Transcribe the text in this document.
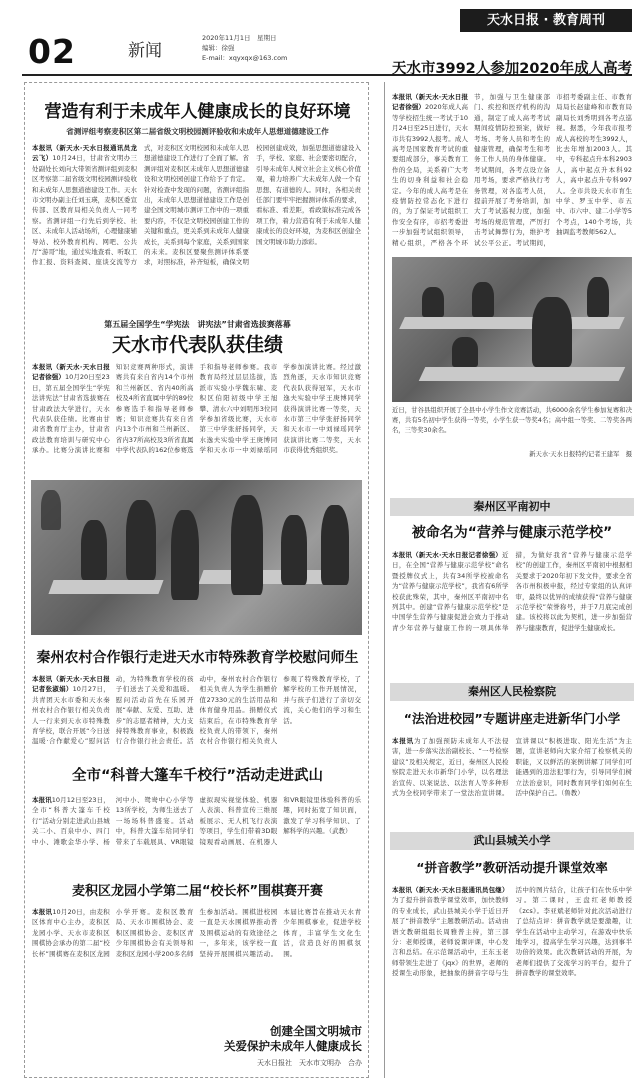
02	新闻
2020年11月1日　星期日
编辑：徐强
E-mail：xqyxqx@163.com
天水日报 · 教育周刊
营造有利于未成年人健康成长的良好环境
省测评组考察麦积区第二届省级文明校园测评验收和未成年人思想道德建设工作
本报讯（新天水·天水日报通讯员龙云飞）10月24日，甘肃省文明办三处副处长刘向大带领省测评组到麦积区考察第二届省级文明校园测评验收和未成年人思想道德建设工作。天水市文明办副主任刘玉瑛，麦积区委宣传部、区教育局相关负责人一同考察。省测评组一行先后到学校、社区、未成年人活动场所，心理健康辅导站、校外教育机构、网吧、公共厅“游哥”地，通过实地查看、听取工作汇报、资料查阅、座谈交流等方式，对麦积区文明校园和未成年人思想道德建设工作进行了全面了解。省测评组对麦积区未成年人思想道德建设和文明校园创建工作给予了肯定。针对检查中发现的问题，省测评组指出，未成年人思想道德建设工作是创建全国文明城市测评工作中的一项重要内容，不仅是文明校园创建工作的关键和重点，更关系到未成年人健康成长，关系到每个家庭，关系到国家的未来。麦积区要聚焦测评体系要求，对照标准，补齐短板，确保文明校园创建成效，加强思想道德建设入手，学校、家庭、社会要密切配合，引导未成年人树立社会主义核心价值观，着力培养广大未成年人做一个有思想、有道德的人。同时，各相关责任部门要牢牢把握测评体系的要求，看标准、看差距，看政策标准完成各项工作，着力营造有利于未成年人健康成长的良好环境，为麦积区创建全国文明城市助力添彩。
第五届全国学生“学宪法　讲宪法”甘肃省选拔赛落幕
天水市代表队获佳绩
本报讯（新天水·天水日报记者徐强）10月20日至23日，第五届全国学生“学宪法讲宪法”甘肃省选拔赛在甘肃政法大学进行，天水代表队获佳绩。比赛由甘肃省教育厅主办，甘肃省政法教育培训与研究中心承办。比赛分演讲比赛和知识竞赛两种形式，演讲赛共有来自省内14个市州和兰州新区、省内40所高校及4所省直属中学的89位参赛选手和指导老师参赛；知识竞赛共有来自省内13个市州和兰州新区、省内37所高校及3所省直属中学代表队的162位参赛选手和指导老师参赛。我市教育局经过层层选拔，选派市实验小学魏东啸、麦积区伯阳初级中学王旭攀、清水六中刘明彤3位同学参加省级比赛，天水市第三中学张舒扬同学，天水逸夫实验中学王庚博同学和天水市一中刘禄瑶同学参加演讲比赛。经过激烈角逐，天水市知识竞赛代表队获得冠军，天水市逸夫实验中学王庚博同学获得演讲比赛一等奖，天水市第三中学张舒扬同学和天水市一中刘禄瑶同学获演讲比赛二等奖，天水市获得优秀组织奖。
秦州农村合作银行走进天水市特殊教育学校慰问师生
本报讯（新天水·天水日报记者张淑娟）10月27日，共青团天水市委和天水秦州农村合作银行相关负责人一行来到天水市特殊教育学校，联合开展“今日送温暖·合作献爱心”慰问活动，为特殊教育学校的孩子们送去了关爱和温暖。慰问活动首先在乐园开展“奉献、友爱、互助、进步”的志愿者精神，大力支持特殊教育事业，积极践行合作银行社会责任。活动中，秦州农村合作银行相关负责人为学生捐赠价值27330元的生活用品和体育健身用品。捐赠仪式结束后，在市特殊教育学校负责人的带领下，秦州农村合作银行相关负责人参观了特殊教育学校，了解学校的工作开展情况，并与孩子们进行了亲切交流，关心他们的学习和生活。
全市“科普大篷车千校行”活动走进武山
本报讯10月12日至23日，全市“科普大篷车千校行”活动分别走进武山县城关二小、百泉中小、四门中小、滩歌金华小学、杨河中小、鸳鸯中心小学等13所学校，为师生送去了一场场科普盛宴。活动中，科普大篷车给同学们带来了车载展具、VR眼镜虚拟现实视觉体验、机器人表演、科普宣传三维展板展示、无人机飞行表演等项目，学生们带着3D眼镜观看动画展、在机器人和VR眼镜里体验科普的乐趣，同时拓宽了知识面，激发了学习科学知识、了解科学的兴趣。（武教）
麦积区龙园小学第二届“校长杯”围棋赛开赛
本报讯10月20日，由麦积区体育中心主办，麦积区龙园小学、天水市麦积区围棋协会承办的第二届“校长杯”围棋赛在麦积区龙园小学开赛。麦积区教育局、天水市围棋协会、麦积区围棋协会、麦积区青少年围棋协会有关领导和麦积区龙园小学200多名师生参加活动。围棋进校园一直是天水围棋界推动普及围棋运动的有效途径之一，多年来，该学校一直坚持开展围棋兴趣活动。本届比赛旨在推动天水青少年围棋事业，促进学校体育，丰富学生文化生活，营造良好的围棋氛围。
创建全国文明城市
关爱保护未成年人健康成长
天水日报社　天水市文明办　合办
天水市3992人参加2020年成人高考
本报讯（新天水·天水日报记者徐强）2020年成人高等学校招生统一考试于10月24日至25日进行，天水市共有3992人报考。成人高考是国家教育考试的重要组成部分，事关教育工作的全局，关系着广大考生的切身利益和社会稳定。今年的成人高考是在疫情防控常态化下进行的，为了保证考试组织工作安全有序，市招考委进一步加强考试组织领导，精心组织，严格各个环节，加强与卫生健康部门、疾控和医疗机构的沟通，制定了成人高考考试期间疫情防控预案，做好考场、考务人员和考生的健康管理，确保考生和考务工作人员的身体健康。考试期间，各考点设立备用考场，要求严格执行考务管理，对各监考人员，提前开展了考务培训，加大了考试巡视力度，加强考场的规范管理，严厉打击考试舞弊行为，维护考试公平公正。考试期间，市招考委副主任、市教育局局长赵建峰和市教育局副局长刘秀明到各考点巡视。据悉，今年我市报考成人高校的考生3992人，比去年增加2003人。其中，专科起点升本科2903人，高中起点升本科92人，高中起点升专科997人。全市共设天水市育生中学、罗玉中学、市五中、市六中、建二小学等5个考点，140个考场，共抽调监考教师562人。
近日，甘谷县组织开展了全县中小学生作文竞赛活动，共6000余名学生参加复赛和决赛，共有5名初中学生获得一等奖，小学生获一等奖4名；高中组一等奖、二等奖各两名，三等奖30余名。
新天水·天水日报特约记者王建军　摄
秦州区平南初中
被命名为“营养与健康示范学校”
本报讯（新天水·天水日报记者徐强）近日，在全国“营养与健康示范学校”命名暨授牌仪式上，共有34所学校被命名为“营养与健康示范学校”，我省有6所学校获此殊荣，其中，秦州区平南初中名列其中。创建“营养与健康示范学校”是中国学生营养与健康促进会致力于推动青少年营养与健康工作的一项具体举措，为做好我省“营养与健康示范学校”的创建工作，秦州区平南初中根据相关要求于2020年初下发文件，要求全省各市州积极申报，经过专家组的认真评审，最终以优异的成绩获得“营养与健康示范学校”荣誉称号，并于7月底完成创建。该校将以此为契机，进一步加强营养与健康教育，促进学生健康成长。
秦州区人民检察院
“法治进校园”专题讲座走进新华门小学
本报讯为了加强预防未成年人不法侵害，进一步落实法治副校长、“一号检察建议”及相关规定，近日，秦州区人民检察院走进天水市新华门小学，以名理法治宣传、以案说法、以法育人等多种形式为全校同学带来了一堂法治宣讲课。宣讲课以“积极进取、阳光生活”为主题，宣讲老师向大家介绍了检察机关的职能，又以鲜活的案例讲解了同学们可能遇到的违法犯罪行为，引导同学们树立法治意识，同时教育同学们如何在生活中保护自己。（鲁教）
武山县城关小学
“拼音教学”教研活动提升课堂效率
本报讯（新天水·天水日报通讯员包继）为了提升拼音教学课堂效率，加快教师的专业成长，武山县城关小学于近日开展了“拼音教学”主题教研活动。活动由语文教研组组长周雅普主持，第三部分：老师授课，老师说课评课，中心发言和总结。在示范课活动中，王东玉老师带领生走进了《jqx》的世界，老师的授课生动形象，把抽象的拼音字母与生活中的图片结合，让孩子们在快乐中学习。第二课时，王盘红老师教授《zcs》。李亚斌老师针对此次活动进行了总结点评：拼音教学就是要激趣，让学生在活动中主动学习，在游戏中快乐地学习，提高学生学习兴趣，达到事半功倍的效果。此次教研活动的开展，为老师们提供了交流学习的平台，提升了拼音教学的课堂效率。
